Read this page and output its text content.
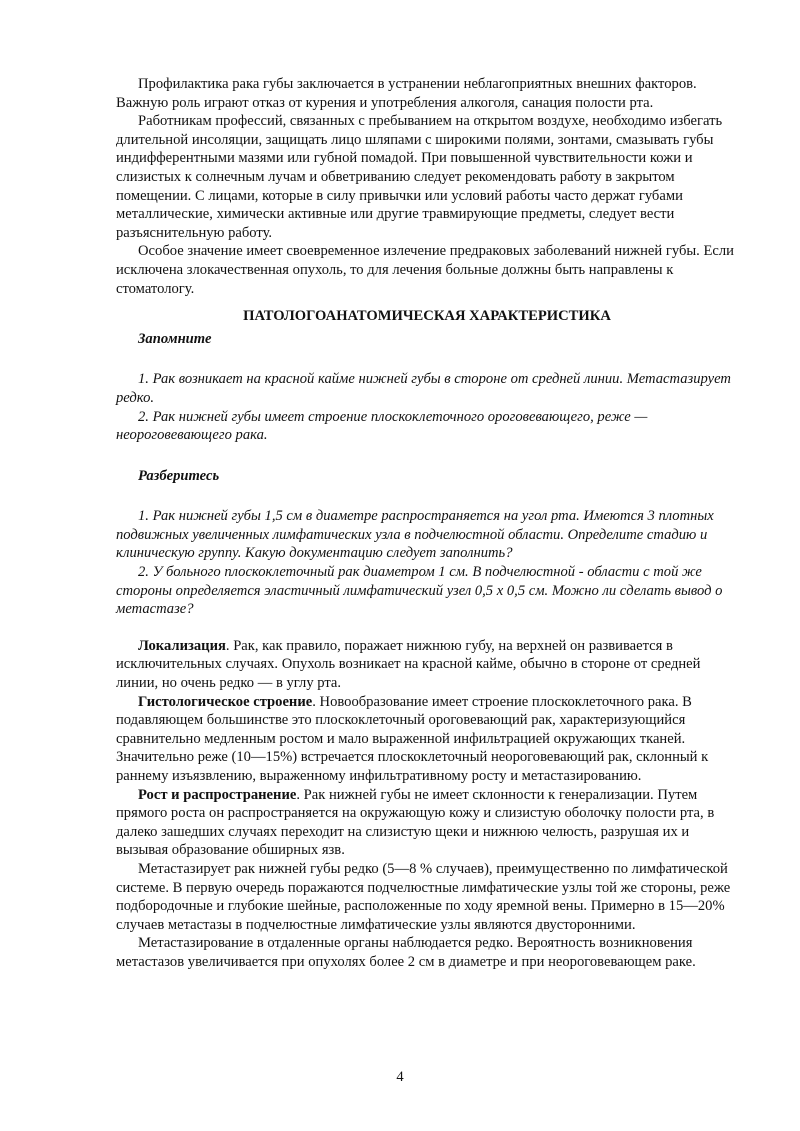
Профилактика рака губы заключается в устранении неблагоприятных внешних факторов. Важную роль играют отказ от курения и употребления алкоголя, санация полости рта.

Работникам профессий, связанных с пребыванием на открытом воздухе, необходимо избегать длительной инсоляции, защищать лицо шляпами с широкими полями, зонтами, смазывать губы индифферентными мазями или губной помадой. При повышенной чувствительности кожи и слизистых к солнечным лучам и обветриванию следует рекомендовать работу в закрытом помещении. С лицами, которые в силу привычки или условий работы часто держат губами металлические, химически активные или другие травмирующие предметы, следует вести разъяснительную работу.

Особое значение имеет своевременное излечение предраковых заболеваний нижней губы. Если исключена злокачественная опухоль, то для лечения больные должны быть направлены к стоматологу.

ПАТОЛОГОАНАТОМИЧЕСКАЯ ХАРАКТЕРИСТИКА

Запомните

1. Рак возникает на красной кайме нижней губы в стороне от средней линии. Метастазирует редко.

2. Рак нижней губы имеет строение плоскоклеточного ороговевающего, реже — неороговевающего рака.

Разберитесь

1. Рак нижней губы 1,5 см в диаметре распространяется на угол рта. Имеются 3 плотных подвижных увеличенных лимфатических узла в подчелюстной области. Определите стадию и клиническую группу. Какую документацию следует заполнить?

2. У больного плоскоклеточный рак диаметром 1 см. В подчелюстной - области с той же стороны определяется эластичный лимфатический узел 0,5 х 0,5 см. Можно ли сделать вывод о метастазе?

Локализация. Рак, как правило, поражает нижнюю губу, на верхней он развивается в исключительных случаях. Опухоль возникает на красной кайме, обычно в стороне от средней линии, но очень редко — в углу рта.

Гистологическое строение. Новообразование имеет строение плоскоклеточного рака. В подавляющем большинстве это плоскоклеточный ороговевающий рак, характеризующийся сравнительно медленным ростом и мало выраженной инфильтрацией окружающих тканей. Значительно реже (10—15%) встречается плоскоклеточный неороговевающий рак, склонный к раннему изъязвлению, выраженному инфильтративному росту и метастазированию.

Рост и распространение. Рак нижней губы не имеет склонности к генерализации. Путем прямого роста он распространяется на окружающую кожу и слизистую оболочку полости рта, в далеко зашедших случаях переходит на слизистую щеки и нижнюю челюсть, разрушая их и вызывая образование обширных язв.

Метастазирует рак нижней губы редко (5—8 % случаев), преимущественно по лимфатической системе. В первую очередь поражаются подчелюстные лимфатические узлы той же стороны, реже подбородочные и глубокие шейные, расположенные по ходу яремной вены. Примерно в 15—20% случаев метастазы в подчелюстные лимфатические узлы являются двусторонними.

Метастазирование в отдаленные органы наблюдается редко. Вероятность возникновения метастазов увеличивается при опухолях более 2 см в диаметре и при неороговевающем раке.

4
